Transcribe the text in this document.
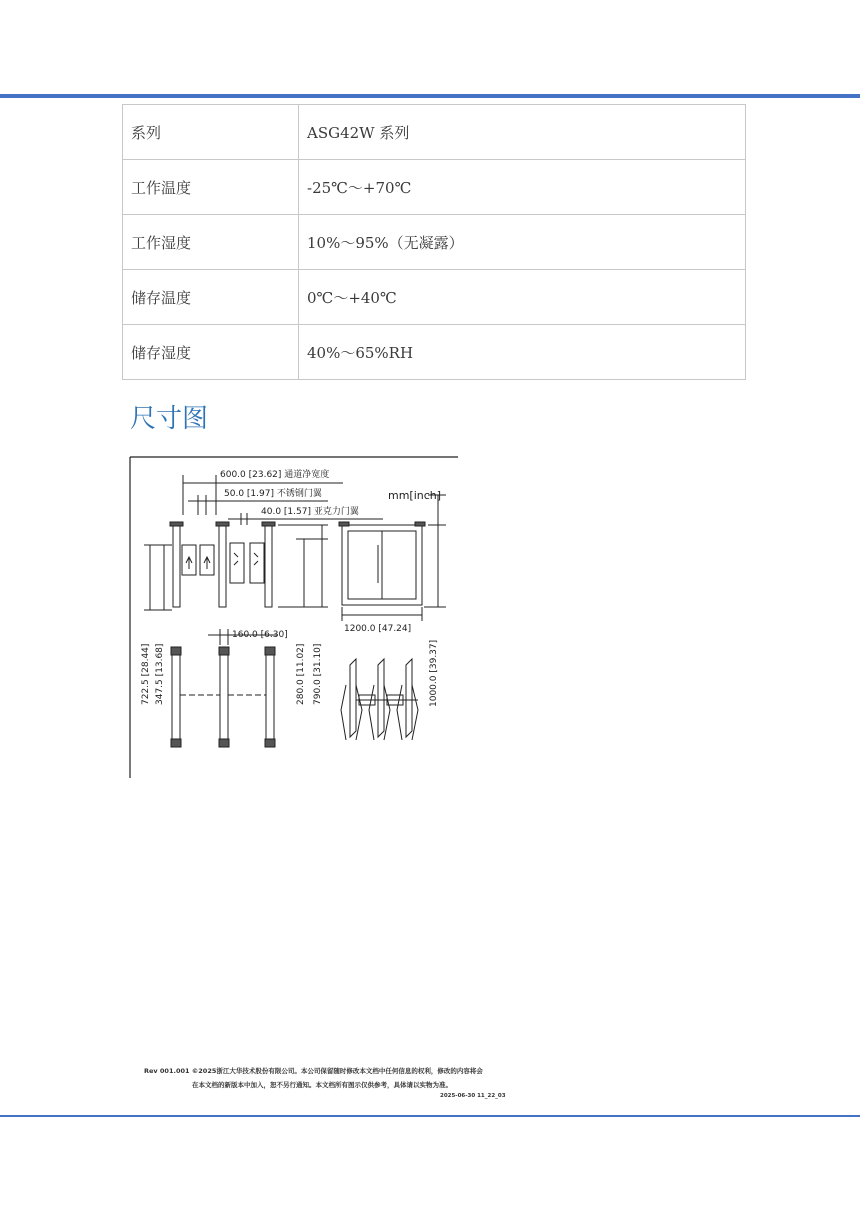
系列	ASG42W 系列
工作温度	-25℃～+70℃
工作湿度	10%～95%（无凝露）
储存温度	0℃～+40℃
储存湿度	40%～65%RH
尺寸图
600.0 [23.62] 通道净宽度
50.0 [1.97] 不锈钢门翼
40.0 [1.57] 亚克力门翼
mm[inch]
160.0 [6.30]
1200.0 [47.24]
722.5 [28.44] 347.5 [13.68]	280.0 [11.02] 790.0 [31.10]	1000.0 [39.37]
Rev 001.001 ©2025浙江大华技术股份有限公司。本公司保留随时修改本文档中任何信息的权利，修改的内容将会
在本文档的新版本中加入，恕不另行通知。本文档所有图示仅供参考，具体请以实物为准。
2025-06-30 11_22_03
